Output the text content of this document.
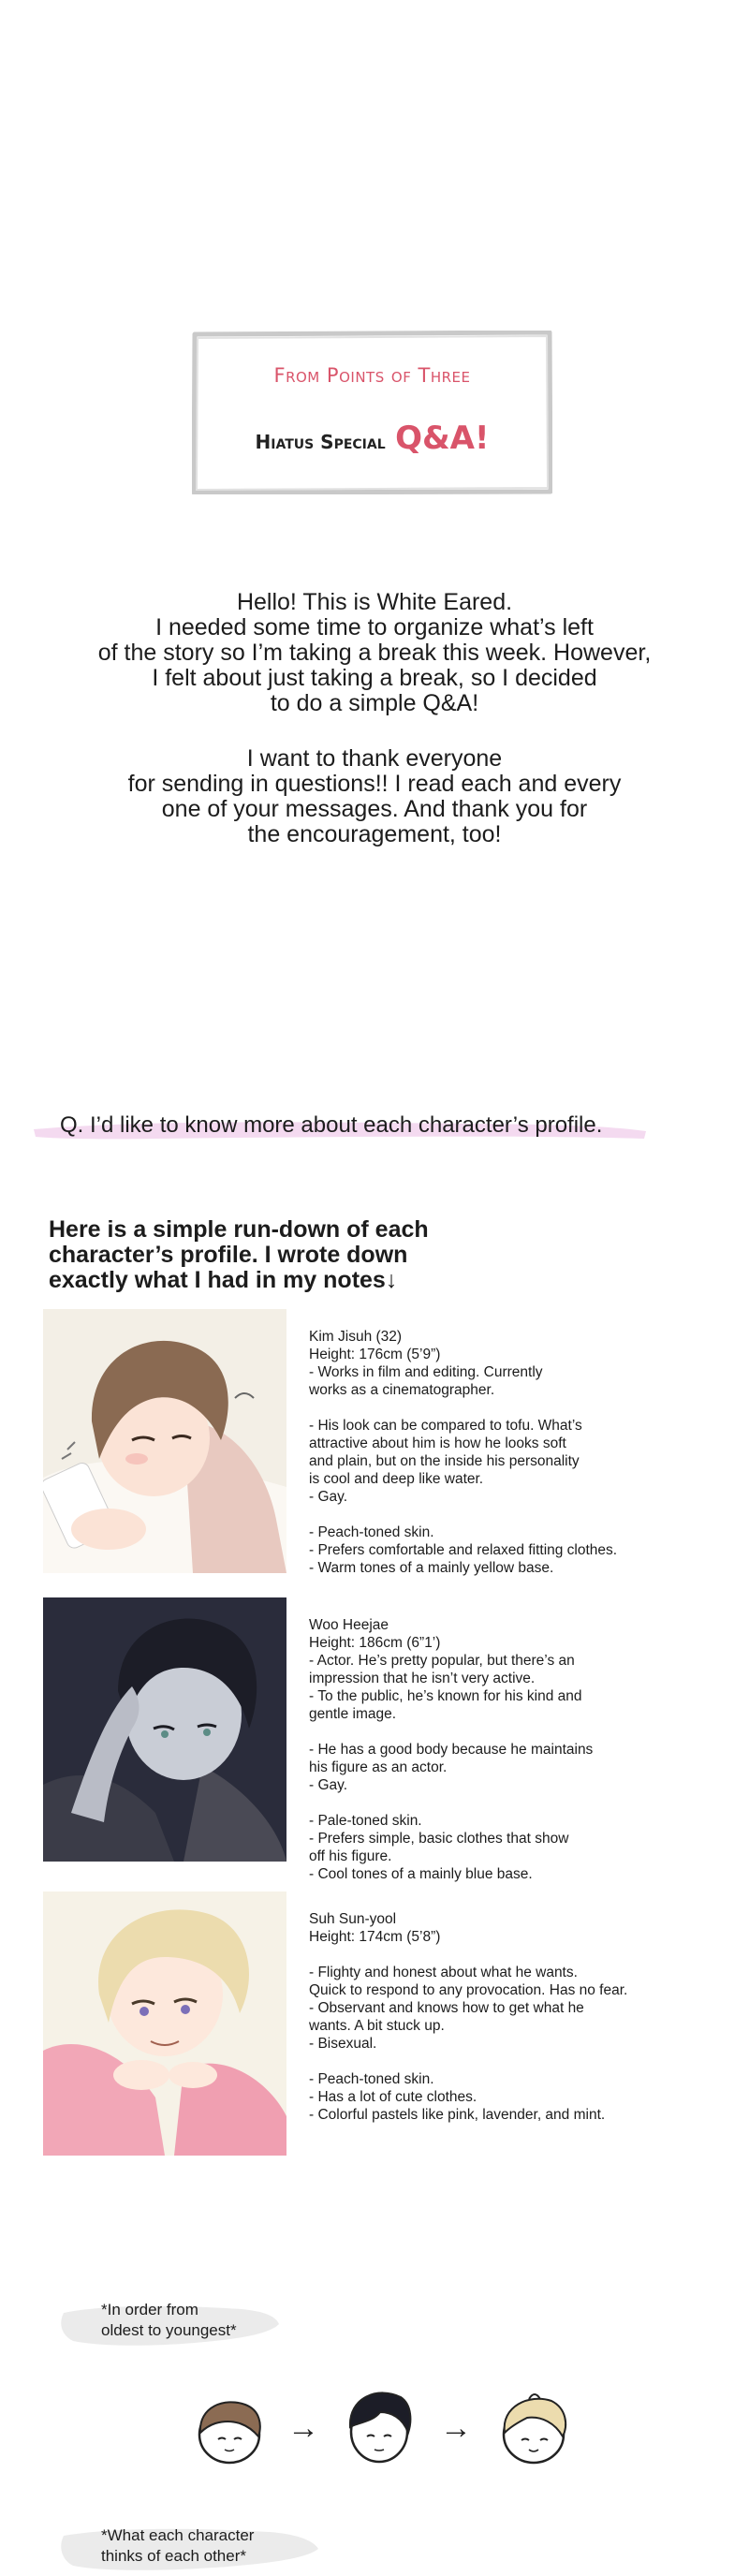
From Points of Three
Hiatus Special Q&A!
Hello! This is White Eared.
I needed some time to organize what’s left
of the story so I’m taking a break this week. However,
I felt about just taking a break, so I decided
to do a simple Q&A!
I want to thank everyone
for sending in questions!! I read each and every
one of your messages. And thank you for
the encouragement, too!
Q. I’d like to know more about each character’s profile.
Here is a simple run-down of each
character’s profile. I wrote down
exactly what I had in my notes↓

Kim Jisuh (32)

Height: 176cm (5’9”)

- Works in film and editing. Currently

works as a cinematographer.

- His look can be compared to tofu. What’s

attractive about him is how he looks soft

and plain, but on the inside his personality

is cool and deep like water.

- Gay.

- Peach-toned skin.

- Prefers comfortable and relaxed fitting clothes.

- Warm tones of a mainly yellow base.

Woo Heejae

Height: 186cm (6”1’)

- Actor. He’s pretty popular, but there’s an

impression that he isn’t very active.

- To the public, he’s known for his kind and

gentle image.

- He has a good body because he maintains

his figure as an actor.

- Gay.

- Pale-toned skin.

- Prefers simple, basic clothes that show

off his figure.

- Cool tones of a mainly blue base.

Suh Sun-yool

Height: 174cm (5’8”)

- Flighty and honest about what he wants.

Quick to respond to any provocation. Has no fear.

- Observant and knows how to get what he

wants. A bit stuck up.

- Bisexual.

- Peach-toned skin.

- Has a lot of cute clothes.

- Colorful pastels like pink, lavender, and mint.

*In order from
oldest to youngest*
→	→
*What each character
thinks of each other*
